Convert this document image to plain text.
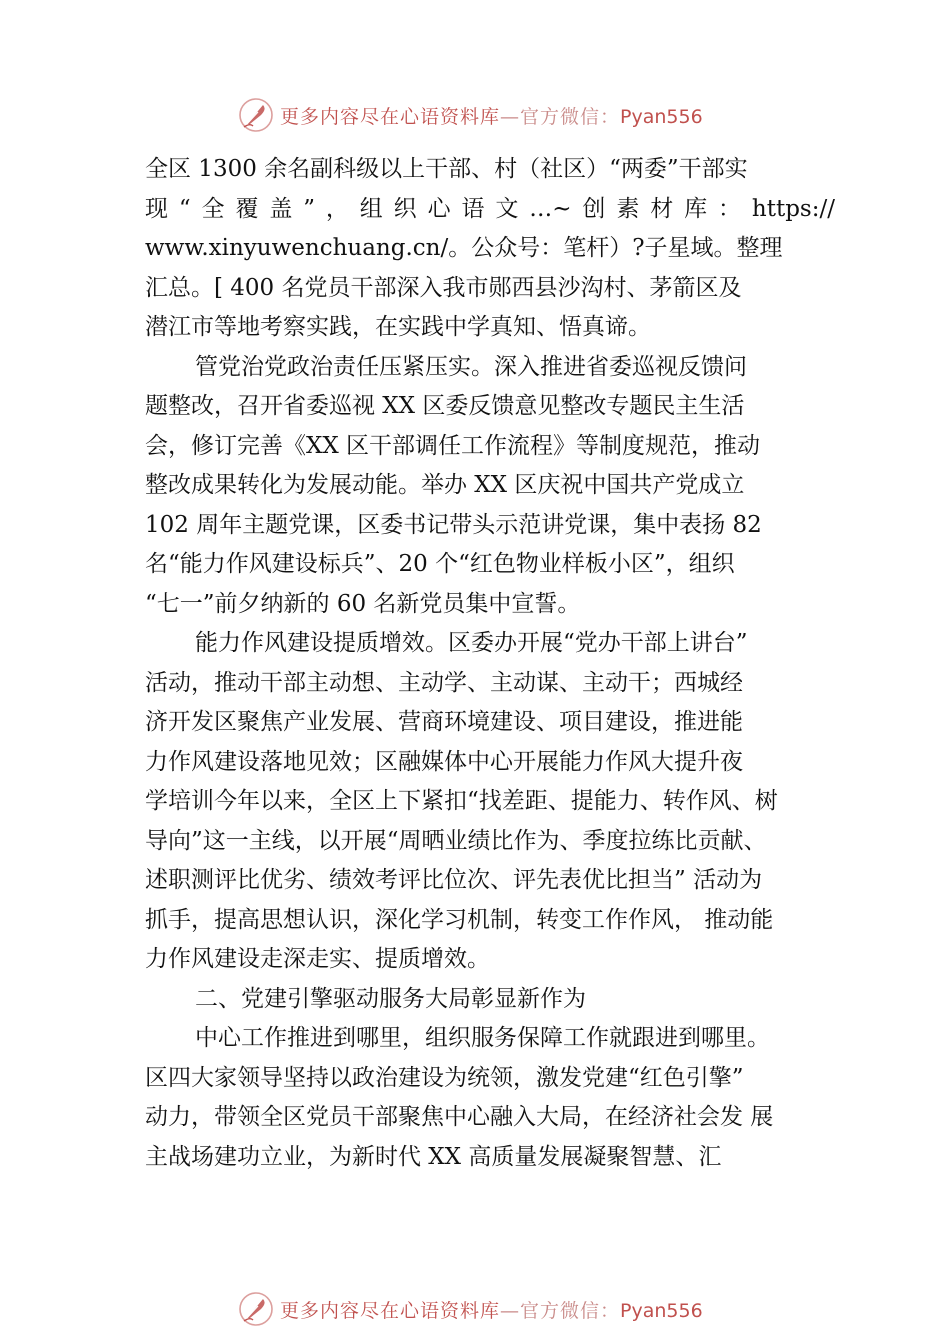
更多内容尽在心语资料库—官方微信：Pyan556
全区 1300 余名副科级以上干部、村（社区）“两委”干部实
现“全覆盖”，组织心语文…~创素材库：https://
www.xinyuwenchuang.cn/。公众号：笔杆）?子星域。整理
汇总。[ 400 名党员干部深入我市郧西县沙沟村、茅箭区及
潜江市等地考察实践，在实践中学真知、悟真谛。
管党治党政治责任压紧压实。深入推进省委巡视反馈问
题整改，召开省委巡视 XX 区委反馈意见整改专题民主生活
会，修订完善《XX 区干部调任工作流程》等制度规范，推动
整改成果转化为发展动能。举办 XX 区庆祝中国共产党成立
102 周年主题党课，区委书记带头示范讲党课，集中表扬 82
名“能力作风建设标兵”、20 个“红色物业样板小区”，组织
“七一”前夕纳新的 60 名新党员集中宣誓。
能力作风建设提质增效。区委办开展“党办干部上讲台”
活动，推动干部主动想、主动学、主动谋、主动干；西城经
济开发区聚焦产业发展、营商环境建设、项目建设，推进能
力作风建设落地见效；区融媒体中心开展能力作风大提升夜
学培训今年以来，全区上下紧扣“找差距、提能力、转作风、树
导向”这一主线，以开展“周晒业绩比作为、季度拉练比贡献、
述职测评比优劣、绩效考评比位次、评先表优比担当” 活动为
抓手，提高思想认识，深化学习机制，转变工作作风， 推动能
力作风建设走深走实、提质增效。
二、党建引擎驱动服务大局彰显新作为
中心工作推进到哪里，组织服务保障工作就跟进到哪里。
区四大家领导坚持以政治建设为统领，激发党建“红色引擎”
动力，带领全区党员干部聚焦中心融入大局，在经济社会发 展
主战场建功立业，为新时代 XX 高质量发展凝聚智慧、汇
更多内容尽在心语资料库—官方微信：Pyan556
